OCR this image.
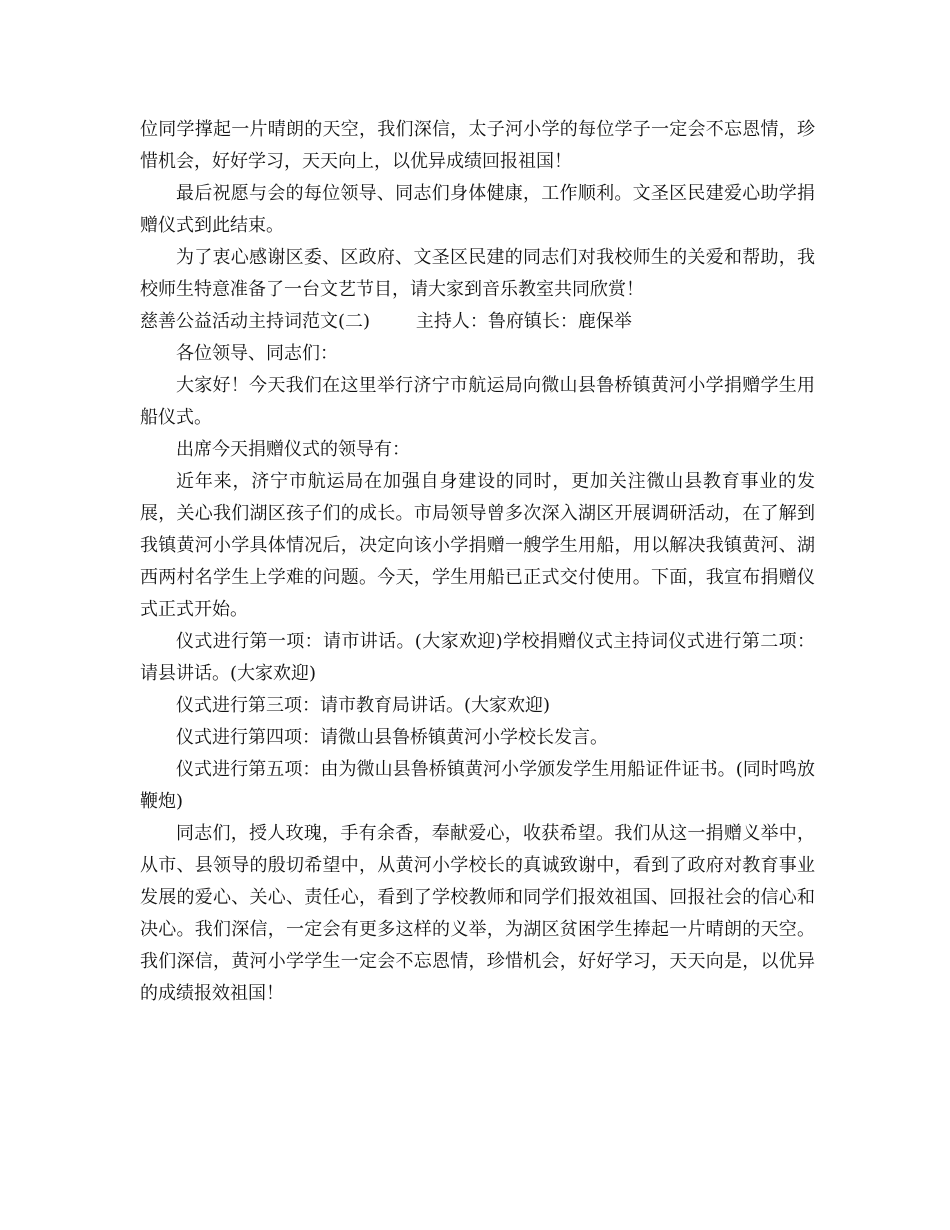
位同学撑起一片晴朗的天空，我们深信，太子河小学的每位学子一定会不忘恩情，珍惜机会，好好学习，天天向上，以优异成绩回报祖国！

最后祝愿与会的每位领导、同志们身体健康，工作顺利。文圣区民建爱心助学捐赠仪式到此结束。

为了衷心感谢区委、区政府、文圣区民建的同志们对我校师生的关爱和帮助，我校师生特意准备了一台文艺节目，请大家到音乐教室共同欣赏！

慈善公益活动主持词范文(二)	主持人：鲁府镇长：鹿保举

各位领导、同志们：

大家好！今天我们在这里举行济宁市航运局向微山县鲁桥镇黄河小学捐赠学生用船仪式。

出席今天捐赠仪式的领导有：

近年来，济宁市航运局在加强自身建设的同时，更加关注微山县教育事业的发展，关心我们湖区孩子们的成长。市局领导曾多次深入湖区开展调研活动，在了解到我镇黄河小学具体情况后，决定向该小学捐赠一艘学生用船，用以解决我镇黄河、湖西两村名学生上学难的问题。今天，学生用船已正式交付使用。下面，我宣布捐赠仪式正式开始。

仪式进行第一项：请市讲话。(大家欢迎)学校捐赠仪式主持词仪式进行第二项：请县讲话。(大家欢迎)

仪式进行第三项：请市教育局讲话。(大家欢迎)

仪式进行第四项：请微山县鲁桥镇黄河小学校长发言。

仪式进行第五项：由为微山县鲁桥镇黄河小学颁发学生用船证件证书。(同时鸣放鞭炮)

同志们，授人玫瑰，手有余香，奉献爱心，收获希望。我们从这一捐赠义举中，从市、县领导的殷切希望中，从黄河小学校长的真诚致谢中，看到了政府对教育事业发展的爱心、关心、责任心，看到了学校教师和同学们报效祖国、回报社会的信心和决心。我们深信，一定会有更多这样的义举，为湖区贫困学生捧起一片晴朗的天空。我们深信，黄河小学学生一定会不忘恩情，珍惜机会，好好学习，天天向是，以优异的成绩报效祖国！
